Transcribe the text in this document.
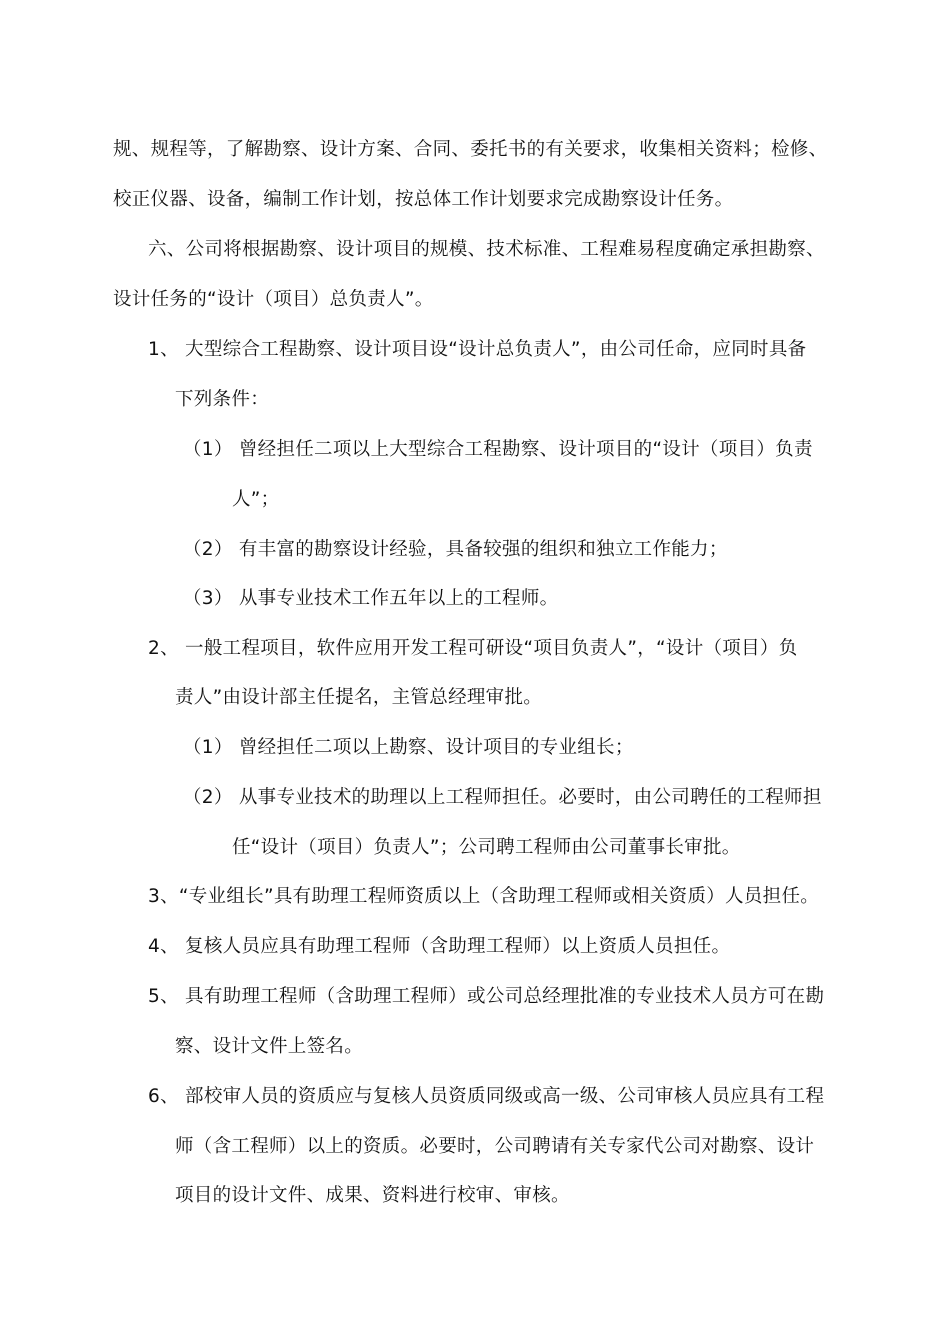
规、规程等，了解勘察、设计方案、合同、委托书的有关要求，收集相关资料；检修、

校正仪器、设备，编制工作计划，按总体工作计划要求完成勘察设计任务。

六、公司将根据勘察、设计项目的规模、技术标准、工程难易程度确定承担勘察、

设计任务的“设计（项目）总负责人”。

1、 大型综合工程勘察、设计项目设“设计总负责人”，由公司任命，应同时具备

下列条件：

（1） 曾经担任二项以上大型综合工程勘察、设计项目的“设计（项目）负责

人”；

（2） 有丰富的勘察设计经验，具备较强的组织和独立工作能力；

（3） 从事专业技术工作五年以上的工程师。

2、 一般工程项目，软件应用开发工程可研设“项目负责人”，“设计（项目）负

责人”由设计部主任提名，主管总经理审批。

（1） 曾经担任二项以上勘察、设计项目的专业组长；

（2） 从事专业技术的助理以上工程师担任。必要时，由公司聘任的工程师担

任“设计（项目）负责人”；公司聘工程师由公司董事长审批。

3、“专业组长”具有助理工程师资质以上（含助理工程师或相关资质）人员担任。

4、 复核人员应具有助理工程师（含助理工程师）以上资质人员担任。

5、 具有助理工程师（含助理工程师）或公司总经理批准的专业技术人员方可在勘

察、设计文件上签名。

6、 部校审人员的资质应与复核人员资质同级或高一级、公司审核人员应具有工程

师（含工程师）以上的资质。必要时，公司聘请有关专家代公司对勘察、设计

项目的设计文件、成果、资料进行校审、审核。
